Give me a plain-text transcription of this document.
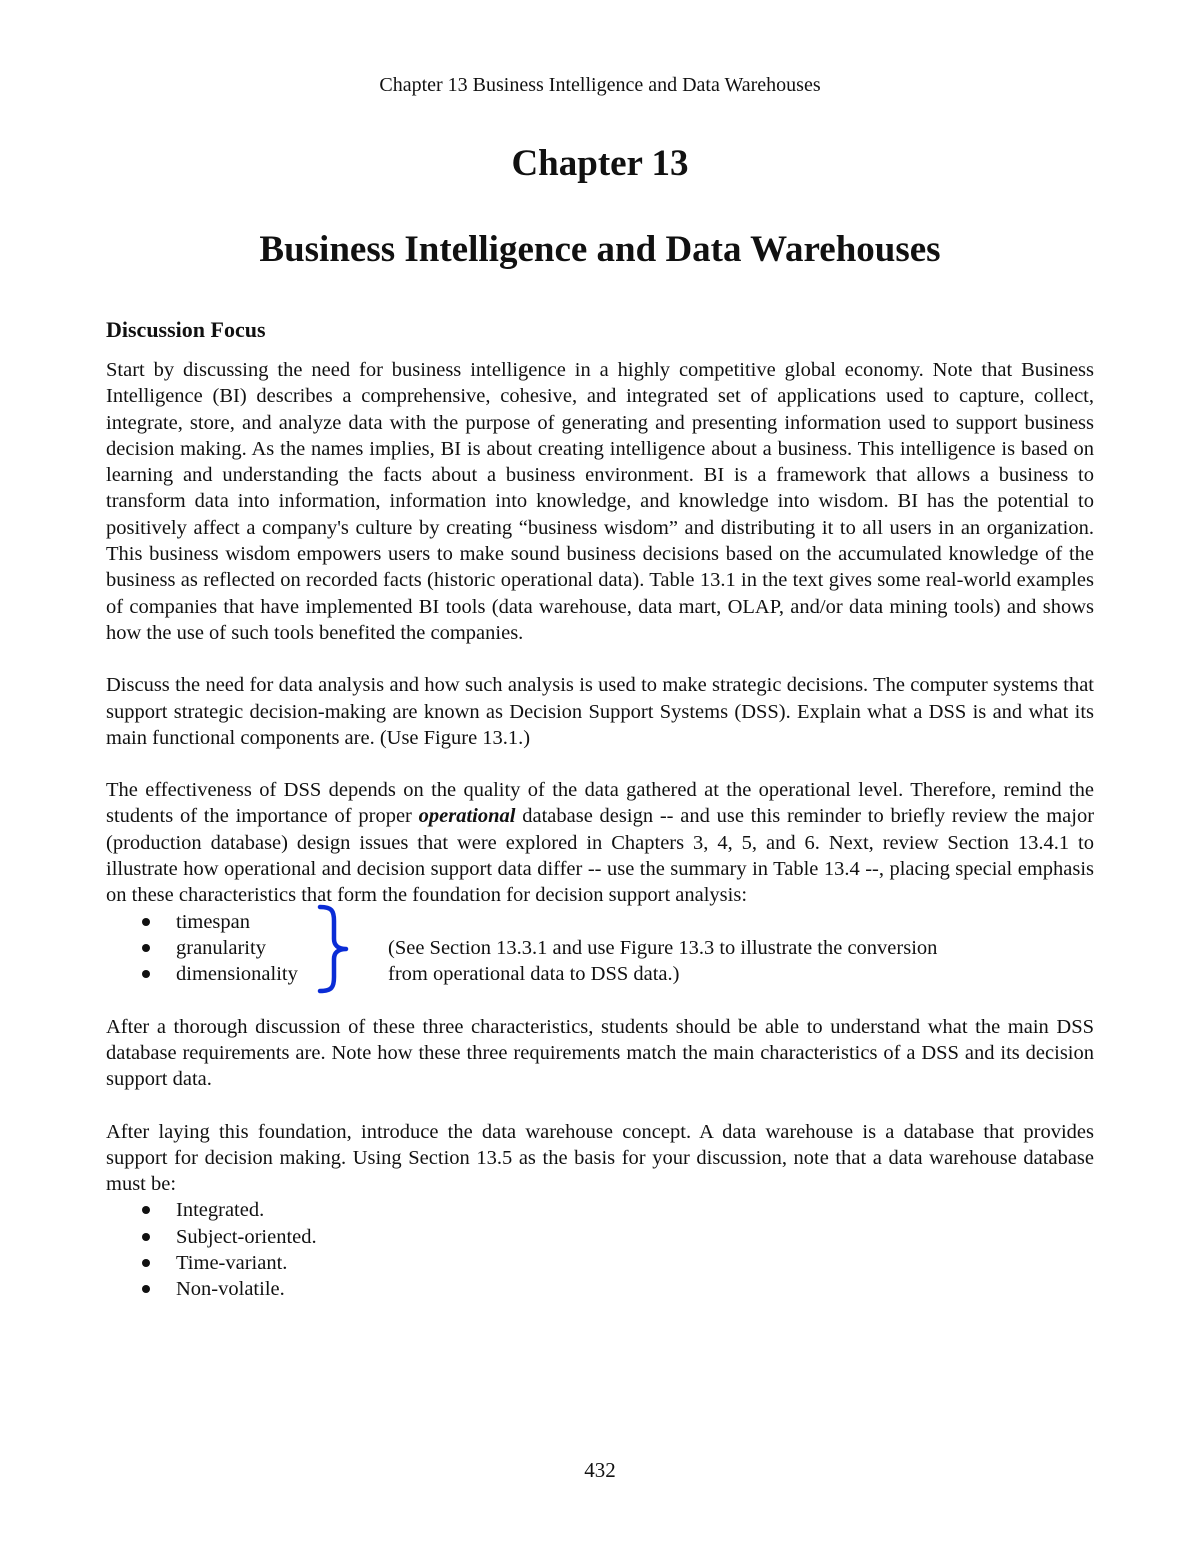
Chapter 13 Business Intelligence and Data Warehouses
Chapter 13
Business Intelligence and Data Warehouses
Discussion Focus

Start by discussing the need for business intelligence in a highly competitive global economy. Note that Business Intelligence (BI) describes a comprehensive, cohesive, and integrated set of applications used to capture, collect, integrate, store, and analyze data with the purpose of generating and presenting information used to support business decision making. As the names implies, BI is about creating intelligence about a business. This intelligence is based on learning and understanding the facts about a business environment. BI is a framework that allows a business to transform data into information, information into knowledge, and knowledge into wisdom. BI has the potential to positively affect a company's culture by creating “business wisdom” and distributing it to all users in an organization. This business wisdom empowers users to make sound business decisions based on the accumulated knowledge of the business as reflected on recorded facts (historic operational data). Table 13.1 in the text gives some real-world examples of companies that have implemented BI tools (data warehouse, data mart, OLAP, and/or data mining tools) and shows how the use of such tools benefited the companies.

Discuss the need for data analysis and how such analysis is used to make strategic decisions. The computer systems that support strategic decision-making are known as Decision Support Systems (DSS). Explain what a DSS is and what its main functional components are. (Use Figure 13.1.)

The effectiveness of DSS depends on the quality of the data gathered at the operational level. Therefore, remind the students of the importance of proper operational database design -- and use this reminder to briefly review the major (production database) design issues that were explored in Chapters 3, 4, 5, and 6. Next, review Section 13.4.1 to illustrate how operational and decision support data differ -- use the summary in Table 13.4 --, placing special emphasis on these characteristics that form the foundation for decision support analysis:

timespan
granularity
dimensionality
(See Section 13.3.1 and use Figure 13.3 to illustrate the conversion
from operational data to DSS data.)

After a thorough discussion of these three characteristics, students should be able to understand what the main DSS database requirements are. Note how these three requirements match the main characteristics of a DSS and its decision support data.

After laying this foundation, introduce the data warehouse concept. A data warehouse is a database that provides support for decision making. Using Section 13.5 as the basis for your discussion, note that a data warehouse database must be:

Integrated.
Subject-oriented.
Time-variant.
Non-volatile.
432
